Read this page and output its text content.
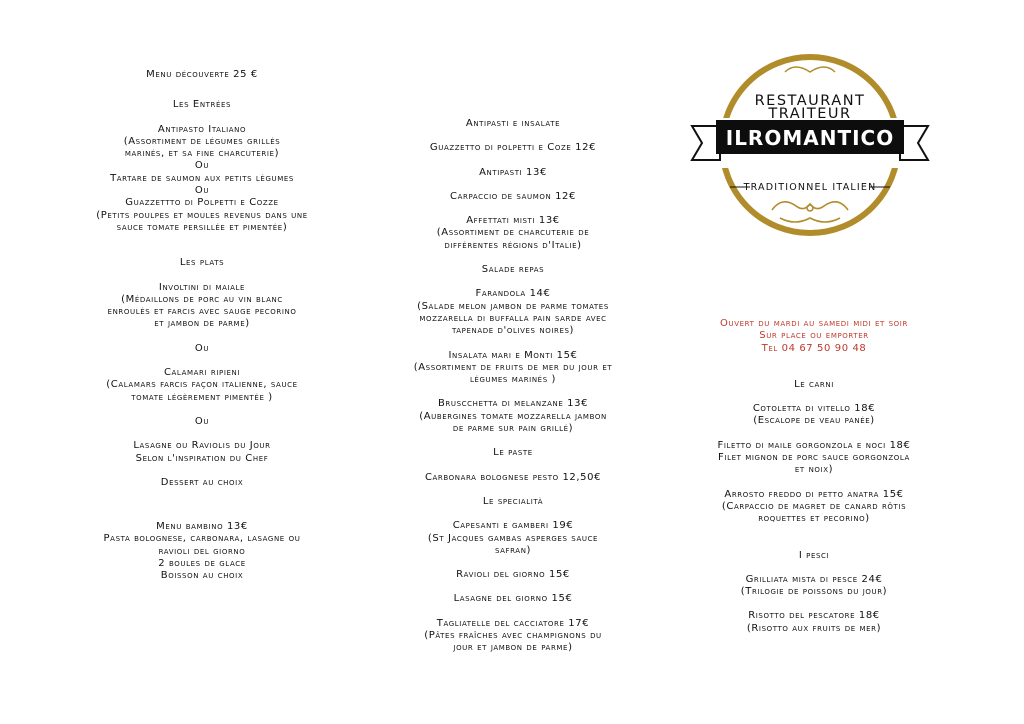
Menu découverte 25 €

Les Entrées

Antipasto Italiano

(Assortiment de légumes grillés

marinés, et sa fine charcuterie)

Ou

Tartare de saumon aux petits légumes

Ou

Guazzettto di Polpetti e Cozze

(Petits poulpes et moules revenus dans une

sauce tomate persillée et pimentée)

Les plats

Involtini di maiale

(Médaillons de porc au vin blanc

enroulés et farcis avec sauge pecorino

et jambon de parme)

Ou

Calamari ripieni

(Calamars farcis façon italienne, sauce

tomate légèrement pimentée )

Ou

Lasagne ou Raviolis du Jour

Selon l'inspiration du Chef

Dessert au choix

Menu bambino 13€

Pasta bolognese, carbonara, lasagne ou

ravioli del giorno

2 boules de glace

Boisson au choix

Antipasti e insalate

Guazzetto di polpetti e Coze 12€

Antipasti 13€

Carpaccio de saumon 12€

Affettati misti 13€

(Assortiment de charcuterie de

différentes régions d'Italie)

Salade repas

Farandola 14€

(Salade melon jambon de parme tomates

mozzarella di buffalla pain sarde avec

tapenade d'olives noires)

Insalata mari e Monti 15€

(Assortiment de fruits de mer du jour et

légumes marinés )

Bruscchetta di melanzane 13€

(Aubergines tomate mozzarella jambon

de parme sur pain grillé)

Le paste

Carbonara bolognese pesto 12,50€

Le specialità

Capesanti e gamberi 19€

(St Jacques gambas asperges sauce

safran)

Ravioli del giorno 15€

Lasagne del giorno 15€

Tagliatelle del cacciatore 17€

(Pâtes fraîches avec champignons du

jour et jambon de parme)

RESTAURANT
TRAITEUR
ILROMANTICO
TRADITIONNEL ITALIEN

Ouvert du mardi au samedi midi et soir

Sur place ou emporter

Tel 04 67 50 90 48

Le carni

Cotoletta di vitello 18€

(Escalope de veau panée)

Filetto di maile gorgonzola e noci 18€

Filet mignon de porc sauce gorgonzola

et noix)

Arrosto freddo di petto anatra 15€

(Carpaccio de magret de canard rôtis

roquettes et pecorino)

I pesci

Grilliata mista di pesce 24€

(Trilogie de poissons du jour)

Risotto del pescatore 18€

(Risotto aux fruits de mer)
